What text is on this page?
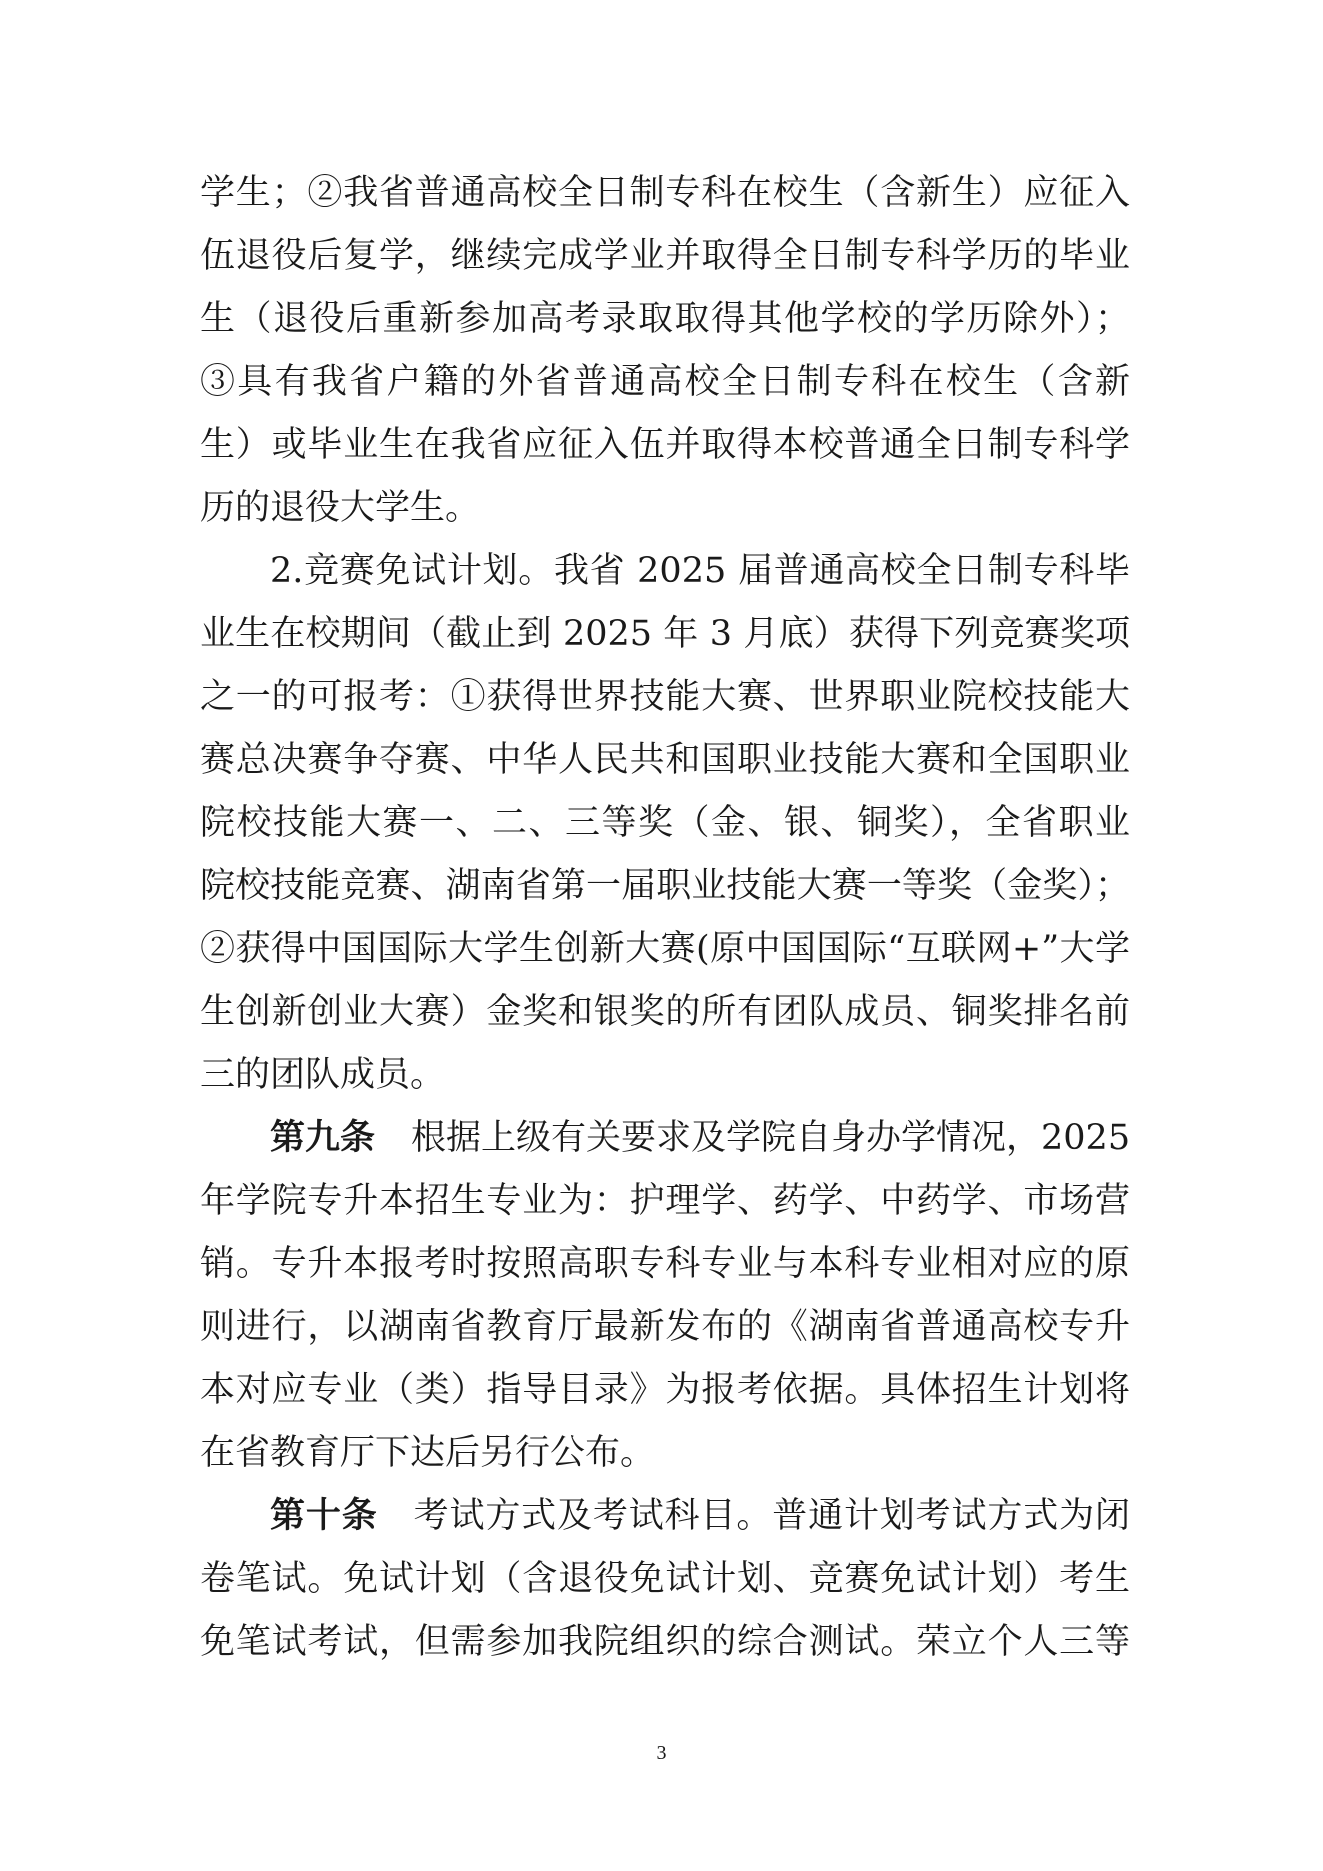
学生；②我省普通高校全日制专科在校生（含新生）应征入
伍退役后复学，继续完成学业并取得全日制专科学历的毕业
生（退役后重新参加高考录取取得其他学校的学历除外）；
③具有我省户籍的外省普通高校全日制专科在校生（含新
生）或毕业生在我省应征入伍并取得本校普通全日制专科学
历的退役大学生。
2.竞赛免试计划。我省 2025 届普通高校全日制专科毕
业生在校期间（截止到 2025 年 3 月底）获得下列竞赛奖项
之一的可报考：①获得世界技能大赛、世界职业院校技能大
赛总决赛争夺赛、中华人民共和国职业技能大赛和全国职业
院校技能大赛一、二、三等奖（金、银、铜奖），全省职业
院校技能竞赛、湖南省第一届职业技能大赛一等奖（金奖）；
②获得中国国际大学生创新大赛(原中国国际“互联网+”大学
生创新创业大赛）金奖和银奖的所有团队成员、铜奖排名前
三的团队成员。
第九条 根据上级有关要求及学院自身办学情况，2025
年学院专升本招生专业为：护理学、药学、中药学、市场营
销。专升本报考时按照高职专科专业与本科专业相对应的原
则进行，以湖南省教育厅最新发布的《湖南省普通高校专升
本对应专业（类）指导目录》为报考依据。具体招生计划将
在省教育厅下达后另行公布。
第十条 考试方式及考试科目。普通计划考试方式为闭
卷笔试。免试计划（含退役免试计划、竞赛免试计划）考生
免笔试考试，但需参加我院组织的综合测试。荣立个人三等
3
